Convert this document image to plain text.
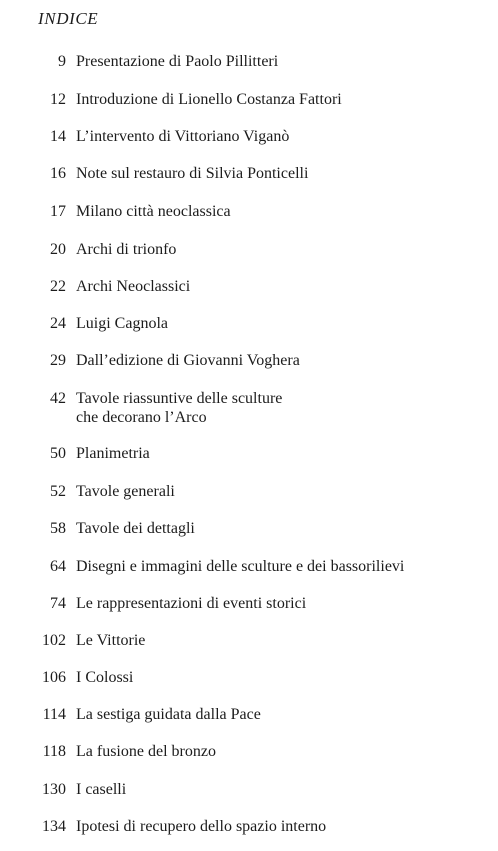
INDICE
9 Presentazione di Paolo Pillitteri
12 Introduzione di Lionello Costanza Fattori
14 L’intervento di Vittoriano Viganò
16 Note sul restauro di Silvia Ponticelli
17 Milano città neoclassica
20 Archi di trionfo
22 Archi Neoclassici
24 Luigi Cagnola
29 Dall’edizione di Giovanni Voghera
42 Tavole riassuntive delle sculture
che decorano l’Arco
50 Planimetria
52 Tavole generali
58 Tavole dei dettagli
64 Disegni e immagini delle sculture e dei bassorilievi
74 Le rappresentazioni di eventi storici
102 Le Vittorie
106 I Colossi
114 La sestiga guidata dalla Pace
118 La fusione del bronzo
130 I caselli
134 Ipotesi di recupero dello spazio interno
